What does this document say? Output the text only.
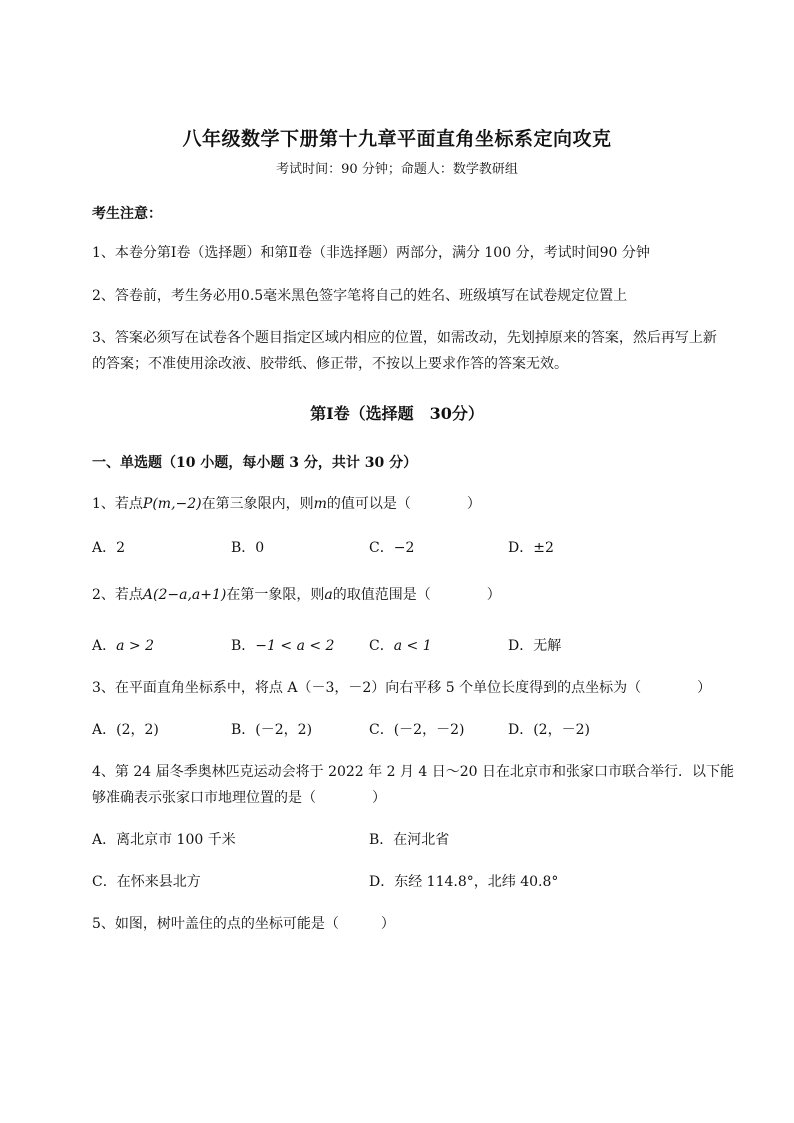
八年级数学下册第十九章平面直角坐标系定向攻克
考试时间：90 分钟；命题人：数学教研组
考生注意：
1、本卷分第Ⅰ卷（选择题）和第Ⅱ卷（非选择题）两部分，满分 100 分，考试时间90 分钟
2、答卷前，考生务必用0.5毫米黑色签字笔将自己的姓名、班级填写在试卷规定位置上
3、答案必须写在试卷各个题目指定区域内相应的位置，如需改动，先划掉原来的答案，然后再写上新
的答案；不准使用涂改液、胶带纸、修正带，不按以上要求作答的答案无效。
第Ⅰ卷（选择题　30分）
一、单选题（10 小题，每小题 3 分，共计 30 分）
1、若点P(m,−2)在第三象限内，则m的值可以是（　　　　）
A．2	B．0	C．−2	D．±2
2、若点A(2−a,a+1)在第一象限，则a的取值范围是（　　　　）
A．a > 2	B．−1 < a < 2 C．a < 1	D．无解
3、在平面直角坐标系中，将点 A（－3，－2）向右平移 5 个单位长度得到的点坐标为（　　　　）
A．(2，2)	B．(－2，2)	C．(－2，－2)	D．(2，－2)
4、第 24 届冬季奥林匹克运动会将于 2022 年 2 月 4 日～20 日在北京市和张家口市联合举行．以下能
够准确表示张家口市地理位置的是（　　　　）
A．离北京市 100 千米	B．在河北省
C．在怀来县北方	D．东经 114.8°，北纬 40.8°
5、如图，树叶盖住的点的坐标可能是（　　　）
